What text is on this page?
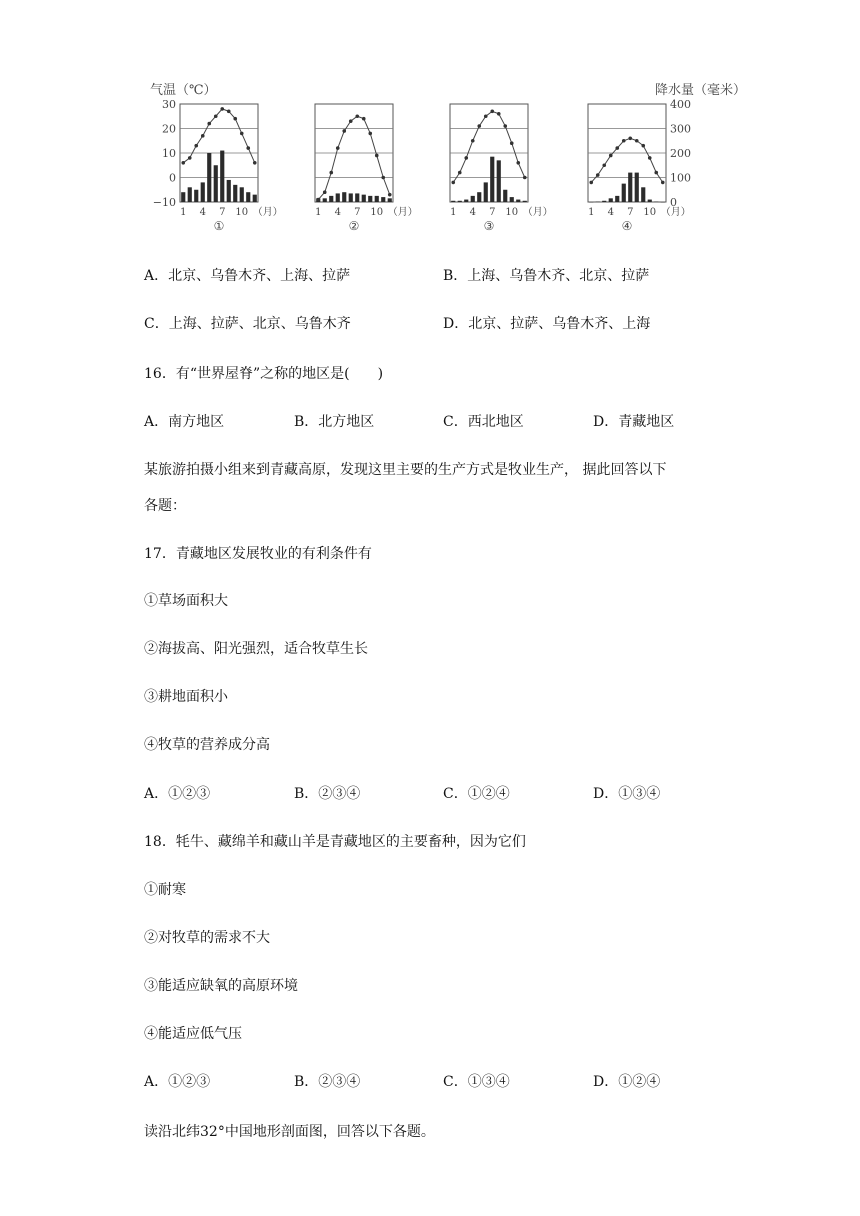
气温（℃）	降水量（毫米）
30
20
10
0
−10
1 4 7 10 （月）
①
1 4 7 10 （月）
②
1 4 7 10 （月）
③
400
300
200
100
0
1 4 7 10 （月）
④
A．北京、乌鲁木齐、上海、拉萨	B．上海、乌鲁木齐、北京、拉萨
C．上海、拉萨、北京、乌鲁木齐	D．北京、拉萨、乌鲁木齐、上海
16．有“世界屋脊”之称的地区是(　　)
A．南方地区	B．北方地区	C．西北地区	D．青藏地区
某旅游拍摄小组来到青藏高原，发现这里主要的生产方式是牧业生产， 据此回答以下
各题：
17．青藏地区发展牧业的有利条件有
①草场面积大
②海拔高、阳光强烈，适合牧草生长
③耕地面积小
④牧草的营养成分高
A．①②③	B．②③④	C．①②④	D．①③④
18．牦牛、藏绵羊和藏山羊是青藏地区的主要畜种，因为它们
①耐寒
②对牧草的需求不大
③能适应缺氧的高原环境
④能适应低气压
A．①②③	B．②③④	C．①③④	D．①②④
读沿北纬32°中国地形剖面图，回答以下各题。
